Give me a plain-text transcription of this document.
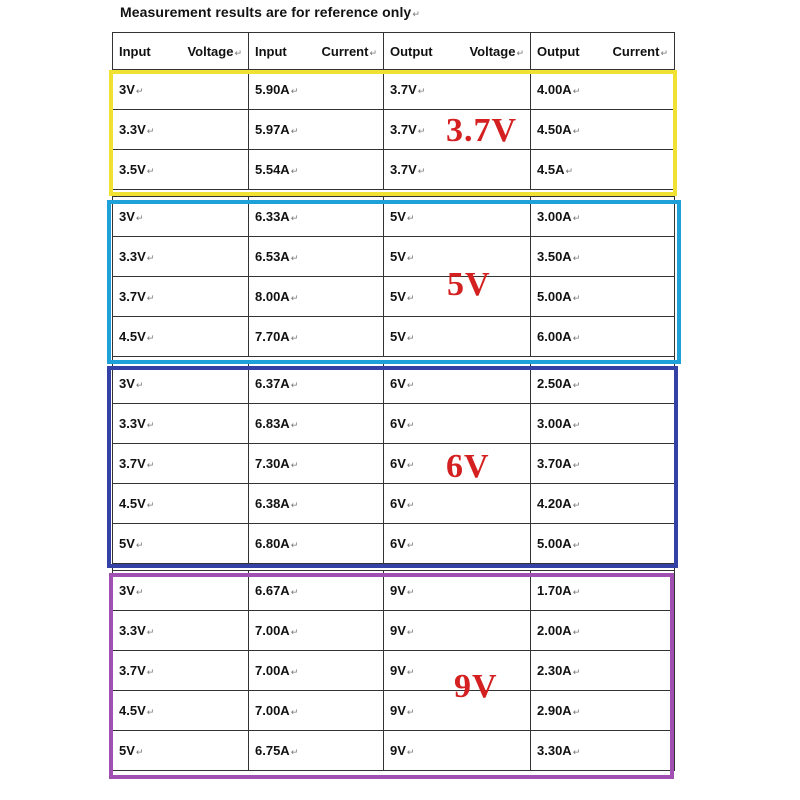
Measurement results are for reference only↵
Input Voltage↵	Input Current↵	Output Voltage↵	Output Current↵

3V↵	5.90A↵	3.7V↵	4.00A↵
3.3V↵	5.97A↵	3.7V↵	4.50A↵
3.5V↵	5.54A↵	3.7V↵	4.5A↵

3V↵	6.33A↵	5V↵	3.00A↵
3.3V↵	6.53A↵	5V↵	3.50A↵
3.7V↵	8.00A↵	5V↵	5.00A↵
4.5V↵	7.70A↵	5V↵	6.00A↵

3V↵	6.37A↵	6V↵	2.50A↵
3.3V↵	6.83A↵	6V↵	3.00A↵
3.7V↵	7.30A↵	6V↵	3.70A↵
4.5V↵	6.38A↵	6V↵	4.20A↵
5V↵	6.80A↵	6V↵	5.00A↵

3V↵	6.67A↵	9V↵	1.70A↵
3.3V↵	7.00A↵	9V↵	2.00A↵
3.7V↵	7.00A↵	9V↵	2.30A↵
4.5V↵	7.00A↵	9V↵	2.90A↵
5V↵	6.75A↵	9V↵	3.30A↵
3.7V
5V
6V
9V
